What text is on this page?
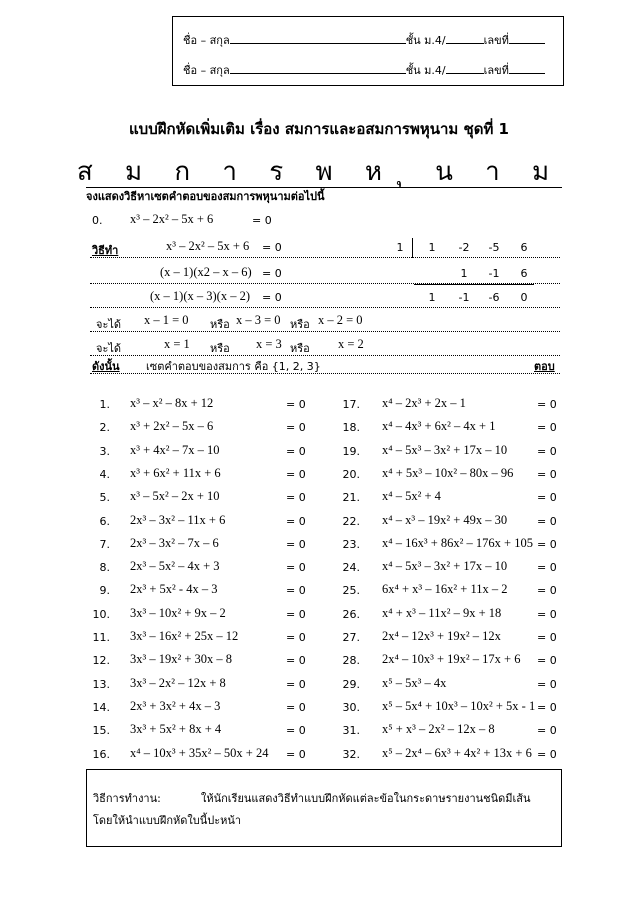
ชื่อ – สกุล	ชั้น ม.4/	เลขที่
ชื่อ – สกุล	ชั้น ม.4/	เลขที่
แบบฝึกหัดเพิ่มเติม เรื่อง สมการและอสมการพหุนาม ชุดที่ 1
ส ม ก า ร พ ห ุ น า ม
จงแสดงวิธีหาเซตคำตอบของสมการพหุนามต่อไปนี้
0. x³ – 2x² – 5x + 6	= 0
วิธีทำ	x³ – 2x² – 5x + 6 = 0
(x – 1)(x2 – x – 6) = 0
(x – 1)(x – 3)(x – 2) = 0
1	1	-2	-5	6
1	-1	6
1	-1	-6	0
จะได้ x – 1 = 0 หรือ x – 3 = 0 หรือ x – 2 = 0
จะได้	x = 1 หรือ x = 3 หรือ x = 2
ดังนั้น เซตคำตอบของสมการ คือ {1, 2, 3}	ตอบ
1. x³ – x² – 8x + 12	= 0
2. x³ + 2x² – 5x – 6	= 0
3. x³ + 4x² – 7x – 10	= 0
4. x³ + 6x² + 11x + 6	= 0
5. x³ – 5x² – 2x + 10	= 0
6. 2x³ – 3x² – 11x + 6	= 0
7. 2x³ – 3x² – 7x – 6	= 0
8. 2x³ – 5x² – 4x + 3	= 0
9. 2x³ + 5x² - 4x – 3	= 0
10. 3x³ – 10x² + 9x – 2	= 0
11. 3x³ – 16x² + 25x – 12	= 0
12. 3x³ – 19x² + 30x – 8	= 0
13. 3x³ – 2x² – 12x + 8	= 0
14. 2x³ + 3x² + 4x – 3	= 0
15. 3x³ + 5x² + 8x + 4	= 0
16. x⁴ – 10x³ + 35x² – 50x + 24 = 0
17. x⁴ – 2x³ + 2x – 1	= 0
18. x⁴ – 4x³ + 6x² – 4x + 1	= 0
19. x⁴ – 5x³ – 3x² + 17x – 10	= 0
20. x⁴ + 5x³ – 10x² – 80x – 96 = 0
21. x⁴ – 5x² + 4	= 0
22. x⁴ – x³ – 19x² + 49x – 30	= 0
23. x⁴ – 16x³ + 86x² – 176x + 105 = 0
24. x⁴ – 5x³ – 3x² + 17x – 10	= 0
25. 6x⁴ + x³ – 16x² + 11x – 2	= 0
26. x⁴ + x³ – 11x² – 9x + 18	= 0
27. 2x⁴ – 12x³ + 19x² – 12x	= 0
28. 2x⁴ – 10x³ + 19x² – 17x + 6 = 0
29. x⁵ – 5x³ – 4x	= 0
30. x⁵ – 5x⁴ + 10x³ – 10x² + 5x - 1 = 0
31. x⁵ + x³ – 2x² – 12x – 8	= 0
32. x⁵ – 2x⁴ – 6x³ + 4x² + 13x + 6 = 0
วิธีการทำงาน:	ให้นักเรียนแสดงวิธีทำแบบฝึกหัดแต่ละข้อในกระดาษรายงานชนิดมีเส้น
โดยให้นำแบบฝึกหัดใบนี้ปะหน้า
